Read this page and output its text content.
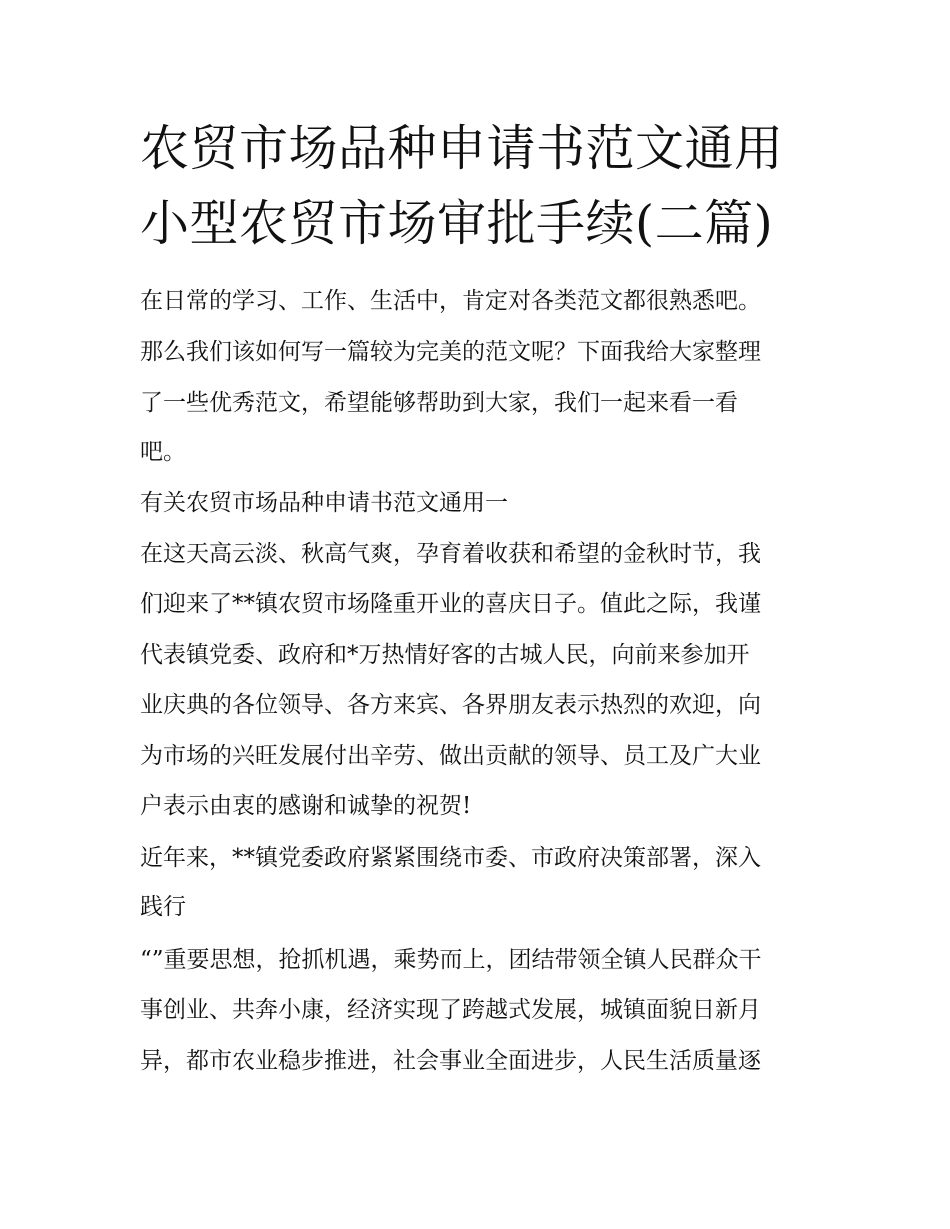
农贸市场品种申请书范文通用
小型农贸市场审批手续(二篇)

在日常的学习、工作、生活中，肯定对各类范文都很熟悉吧。

那么我们该如何写一篇较为完美的范文呢？下面我给大家整理

了一些优秀范文，希望能够帮助到大家，我们一起来看一看

吧。

有关农贸市场品种申请书范文通用一

在这天高云淡、秋高气爽，孕育着收获和希望的金秋时节，我

们迎来了**镇农贸市场隆重开业的喜庆日子。值此之际，我谨

代表镇党委、政府和*万热情好客的古城人民，向前来参加开

业庆典的各位领导、各方来宾、各界朋友表示热烈的欢迎，向

为市场的兴旺发展付出辛劳、做出贡献的领导、员工及广大业

户表示由衷的感谢和诚挚的祝贺!

近年来，**镇党委政府紧紧围绕市委、市政府决策部署，深入

践行

“”重要思想，抢抓机遇，乘势而上，团结带领全镇人民群众干

事创业、共奔小康，经济实现了跨越式发展，城镇面貌日新月

异，都市农业稳步推进，社会事业全面进步，人民生活质量逐
